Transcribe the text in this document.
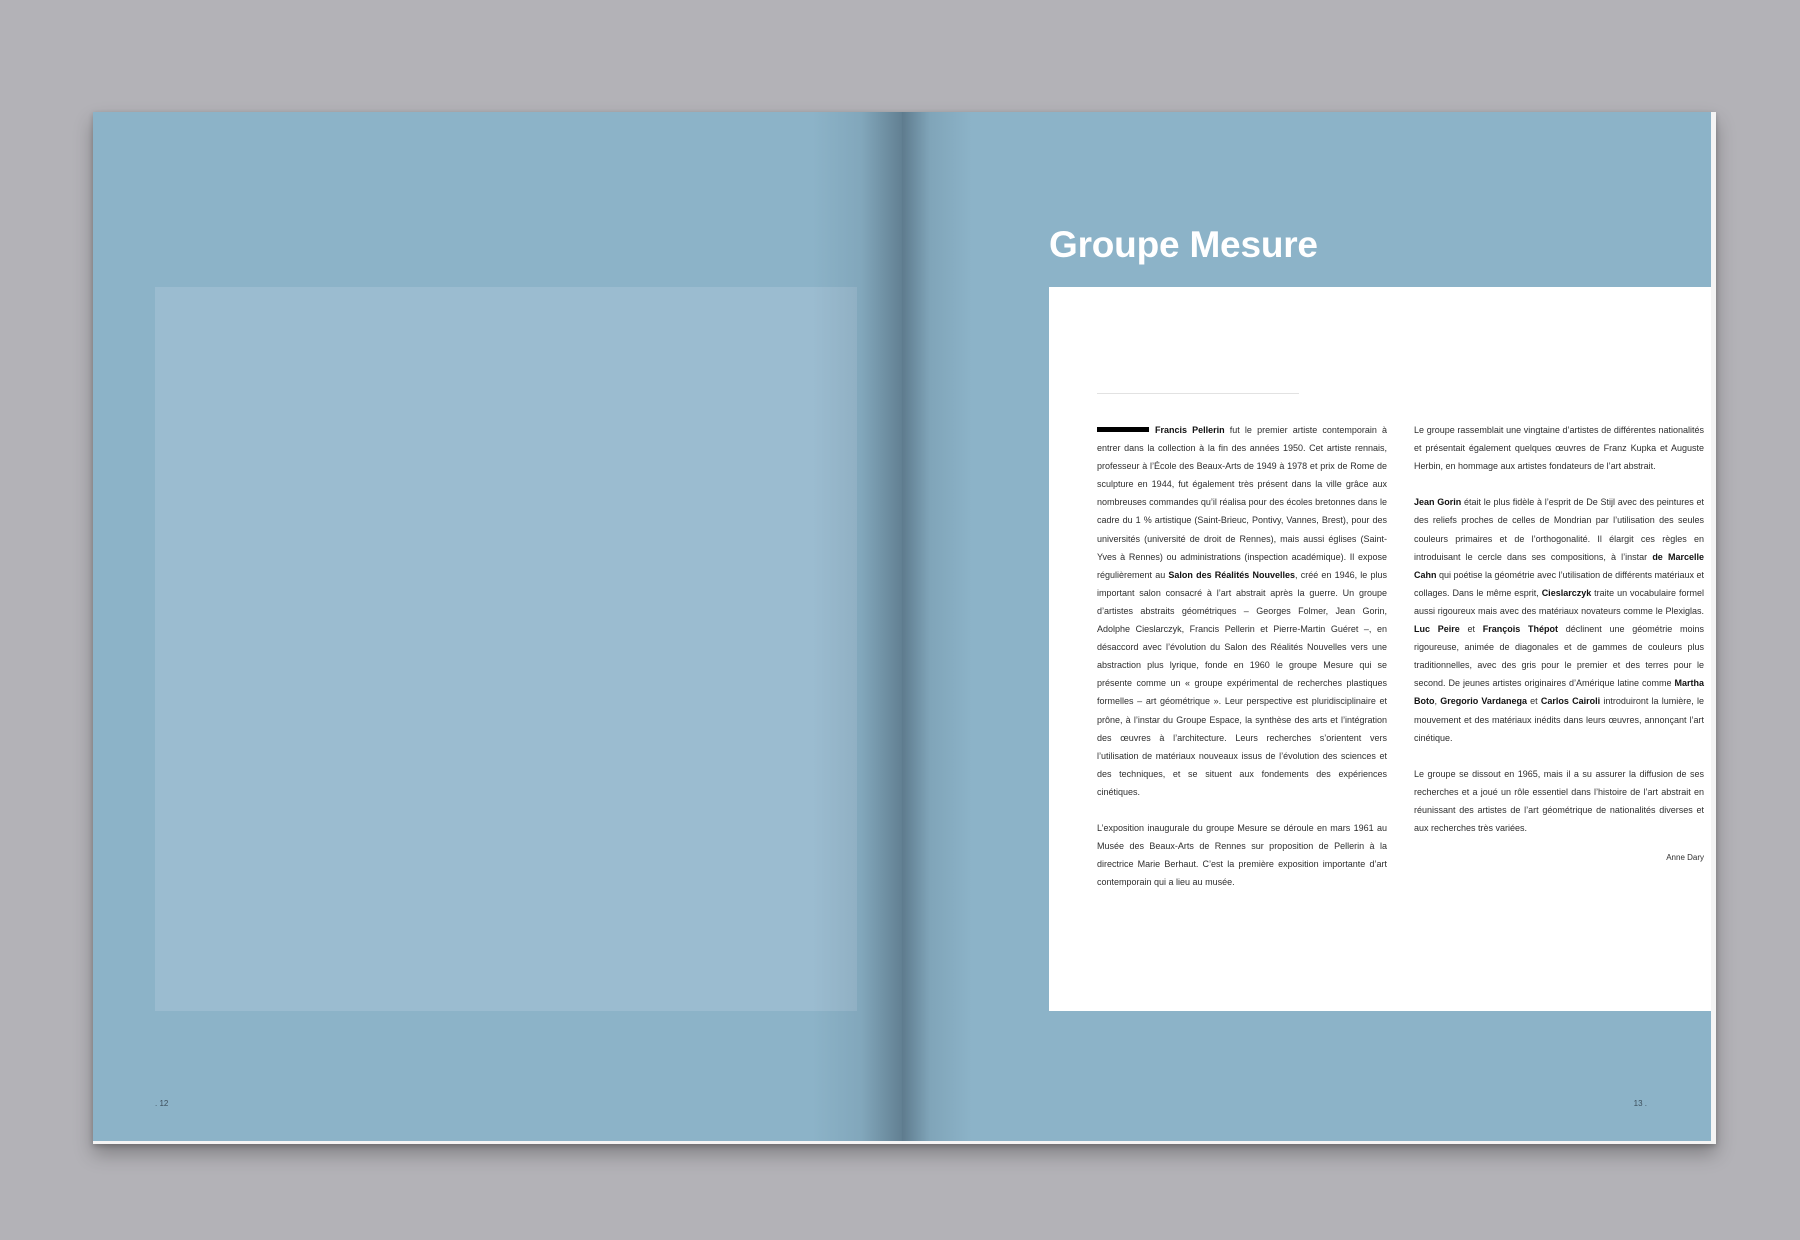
. 12
Groupe Mesure

Francis Pellerin fut le premier artiste contemporain à entrer dans la collection à la fin des années 1950. Cet artiste rennais, professeur à l’École des Beaux-Arts de 1949 à 1978 et prix de Rome de sculpture en 1944, fut également très présent dans la ville grâce aux nombreuses commandes qu’il réalisa pour des écoles bretonnes dans le cadre du 1 % artistique (Saint-Brieuc, Pontivy, Vannes, Brest), pour des universités (université de droit de Rennes), mais aussi églises (Saint-Yves à Rennes) ou administrations (inspection académique). Il expose régulièrement au Salon des Réalités Nouvelles, créé en 1946, le plus important salon consacré à l’art abstrait après la guerre. Un groupe d’artistes abstraits géométriques – Georges Folmer, Jean Gorin, Adolphe Cieslarczyk, Francis Pellerin et Pierre-Martin Guéret –, en désaccord avec l’évolution du Salon des Réalités Nouvelles vers une abstraction plus lyrique, fonde en 1960 le groupe Mesure qui se présente comme un « groupe expérimental de recherches plastiques formelles – art géométrique ». Leur perspective est pluridisciplinaire et prône, à l’instar du Groupe Espace, la synthèse des arts et l’intégration des œuvres à l’architecture. Leurs recherches s’orientent vers l’utilisation de matériaux nouveaux issus de l’évolution des sciences et des techniques, et se situent aux fondements des expériences cinétiques.

L’exposition inaugurale du groupe Mesure se déroule en mars 1961 au Musée des Beaux-Arts de Rennes sur proposition de Pellerin à la directrice Marie Berhaut. C’est la première exposition importante d’art contemporain qui a lieu au musée.

Le groupe rassemblait une vingtaine d’artistes de différentes nationalités et présentait également quelques œuvres de Franz Kupka et Auguste Herbin, en hommage aux artistes fondateurs de l’art abstrait.

Jean Gorin était le plus fidèle à l’esprit de De Stijl avec des peintures et des reliefs proches de celles de Mondrian par l’utilisation des seules couleurs primaires et de l’orthogonalité. Il élargit ces règles en introduisant le cercle dans ses compositions, à l’instar de Marcelle Cahn qui poétise la géométrie avec l’utilisation de différents matériaux et collages. Dans le même esprit, Cieslarczyk traite un vocabulaire formel aussi rigoureux mais avec des matériaux novateurs comme le Plexiglas. Luc Peire et François Thépot déclinent une géométrie moins rigoureuse, animée de diagonales et de gammes de couleurs plus traditionnelles, avec des gris pour le premier et des terres pour le second. De jeunes artistes originaires d’Amérique latine comme Martha Boto, Gregorio Vardanega et Carlos Cairoli introduiront la lumière, le mouvement et des matériaux inédits dans leurs œuvres, annonçant l’art cinétique.

Le groupe se dissout en 1965, mais il a su assurer la diffusion de ses recherches et a joué un rôle essentiel dans l’histoire de l’art abstrait en réunissant des artistes de l’art géométrique de nationalités diverses et aux recherches très variées.

Anne Dary
13 .
